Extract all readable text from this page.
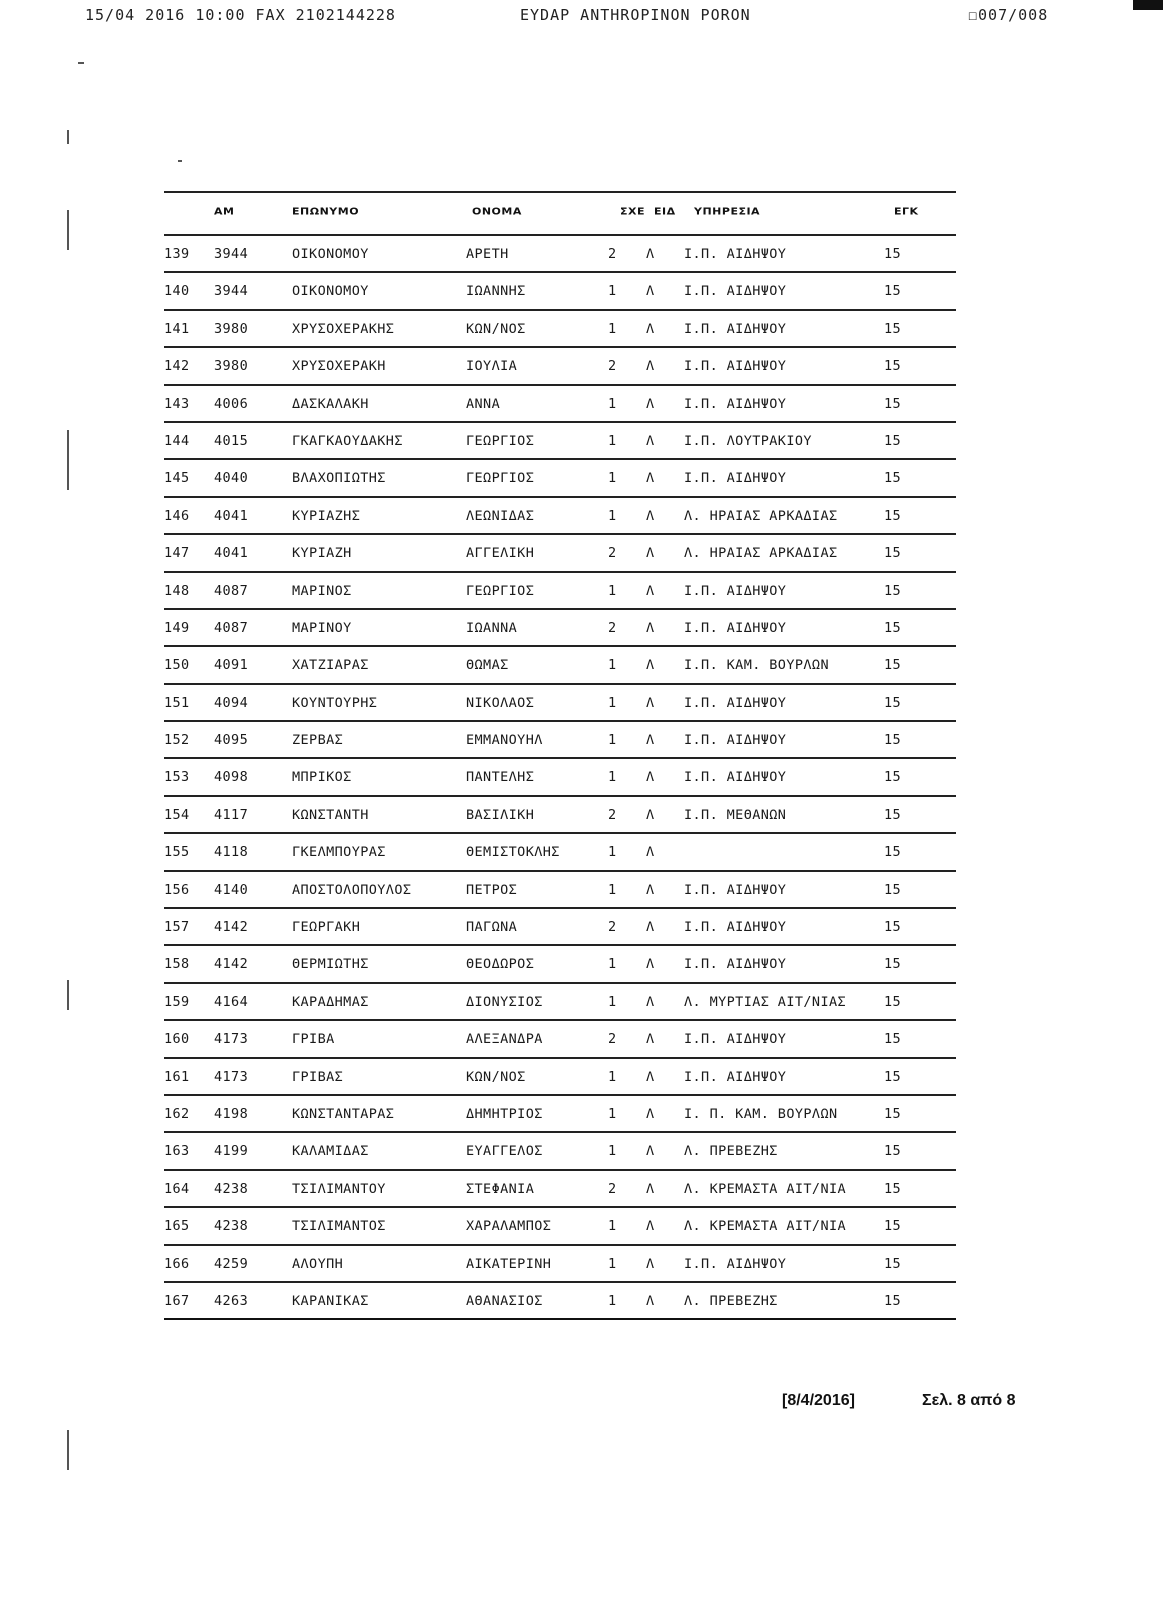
15/04 2016 10:00 FAX 2102144228	EYDAP ANTHROPINON PORON	☐007/008
ΑΜ	ΕΠΩΝΥΜΟ	ΟΝΟΜΑ	ΣΧΕ ΕΙΔ ΥΠΗΡΕΣΙΑ	ΕΓΚ
139 3944	ΟΙΚΟΝΟΜΟΥ	ΑΡΕΤΗ	2 Λ Ι.Π. ΑΙΔΗΨΟΥ	15
140 3944	ΟΙΚΟΝΟΜΟΥ	ΙΩΑΝΝΗΣ	1 Λ Ι.Π. ΑΙΔΗΨΟΥ	15
141 3980	ΧΡΥΣΟΧΕΡΑΚΗΣ	ΚΩΝ/ΝΟΣ	1 Λ Ι.Π. ΑΙΔΗΨΟΥ	15
142 3980	ΧΡΥΣΟΧΕΡΑΚΗ	ΙΟΥΛΙΑ	2 Λ Ι.Π. ΑΙΔΗΨΟΥ	15
143 4006	ΔΑΣΚΑΛΑΚΗ	ΑΝΝΑ	1 Λ Ι.Π. ΑΙΔΗΨΟΥ	15
144 4015	ΓΚΑΓΚΑΟΥΔΑΚΗΣ	ΓΕΩΡΓΙΟΣ	1 Λ Ι.Π. ΛΟΥΤΡΑΚΙΟΥ	15
145 4040	ΒΛΑΧΟΠΙΩΤΗΣ	ΓΕΩΡΓΙΟΣ	1 Λ Ι.Π. ΑΙΔΗΨΟΥ	15
146 4041	ΚΥΡΙΑΖΗΣ	ΛΕΩΝΙΔΑΣ	1 Λ Λ. ΗΡΑΙΑΣ ΑΡΚΑΔΙΑΣ	15
147 4041	ΚΥΡΙΑΖΗ	ΑΓΓΕΛΙΚΗ	2 Λ Λ. ΗΡΑΙΑΣ ΑΡΚΑΔΙΑΣ	15
148 4087	ΜΑΡΙΝΟΣ	ΓΕΩΡΓΙΟΣ	1 Λ Ι.Π. ΑΙΔΗΨΟΥ	15
149 4087	ΜΑΡΙΝΟΥ	ΙΩΑΝΝΑ	2 Λ Ι.Π. ΑΙΔΗΨΟΥ	15
150 4091	ΧΑΤΖΙΑΡΑΣ	ΘΩΜΑΣ	1 Λ Ι.Π. ΚΑΜ. ΒΟΥΡΛΩΝ	15
151 4094	ΚΟΥΝΤΟΥΡΗΣ	ΝΙΚΟΛΑΟΣ	1 Λ Ι.Π. ΑΙΔΗΨΟΥ	15
152 4095	ΖΕΡΒΑΣ	ΕΜΜΑΝΟΥΗΛ	1 Λ Ι.Π. ΑΙΔΗΨΟΥ	15
153 4098	ΜΠΡΙΚΟΣ	ΠΑΝΤΕΛΗΣ	1 Λ Ι.Π. ΑΙΔΗΨΟΥ	15
154 4117	ΚΩΝΣΤΑΝΤΗ	ΒΑΣΙΛΙΚΗ	2 Λ Ι.Π. ΜΕΘΑΝΩΝ	15
155 4118	ΓΚΕΛΜΠΟΥΡΑΣ	ΘΕΜΙΣΤΟΚΛΗΣ	1 Λ	15
156 4140	ΑΠΟΣΤΟΛΟΠΟΥΛΟΣ	ΠΕΤΡΟΣ	1 Λ Ι.Π. ΑΙΔΗΨΟΥ	15
157 4142	ΓΕΩΡΓΑΚΗ	ΠΑΓΩΝΑ	2 Λ Ι.Π. ΑΙΔΗΨΟΥ	15
158 4142	ΘΕΡΜΙΩΤΗΣ	ΘΕΟΔΩΡΟΣ	1 Λ Ι.Π. ΑΙΔΗΨΟΥ	15
159 4164	ΚΑΡΑΔΗΜΑΣ	ΔΙΟΝΥΣΙΟΣ	1 Λ Λ. ΜΥΡΤΙΑΣ ΑΙΤ/ΝΙΑΣ	15
160 4173	ΓΡΙΒΑ	ΑΛΕΞΑΝΔΡΑ	2 Λ Ι.Π. ΑΙΔΗΨΟΥ	15
161 4173	ΓΡΙΒΑΣ	ΚΩΝ/ΝΟΣ	1 Λ Ι.Π. ΑΙΔΗΨΟΥ	15
162 4198	ΚΩΝΣΤΑΝΤΑΡΑΣ	ΔΗΜΗΤΡΙΟΣ	1 Λ Ι. Π. ΚΑΜ. ΒΟΥΡΛΩΝ	15
163 4199	ΚΑΛΑΜΙΔΑΣ	ΕΥΑΓΓΕΛΟΣ	1 Λ Λ. ΠΡΕΒΕΖΗΣ	15
164 4238	ΤΣΙΛΙΜΑΝΤΟΥ	ΣΤΕΦΑΝΙΑ	2 Λ Λ. ΚΡΕΜΑΣΤΑ ΑΙΤ/ΝΙΑ	15
165 4238	ΤΣΙΛΙΜΑΝΤΟΣ	ΧΑΡΑΛΑΜΠΟΣ	1 Λ Λ. ΚΡΕΜΑΣΤΑ ΑΙΤ/ΝΙΑ	15
166 4259	ΑΛΟΥΠΗ	ΑΙΚΑΤΕΡΙΝΗ	1 Λ Ι.Π. ΑΙΔΗΨΟΥ	15
167 4263	ΚΑΡΑΝΙΚΑΣ	ΑΘΑΝΑΣΙΟΣ	1 Λ Λ. ΠΡΕΒΕΖΗΣ	15
[8/4/2016]	Σελ. 8 από 8
